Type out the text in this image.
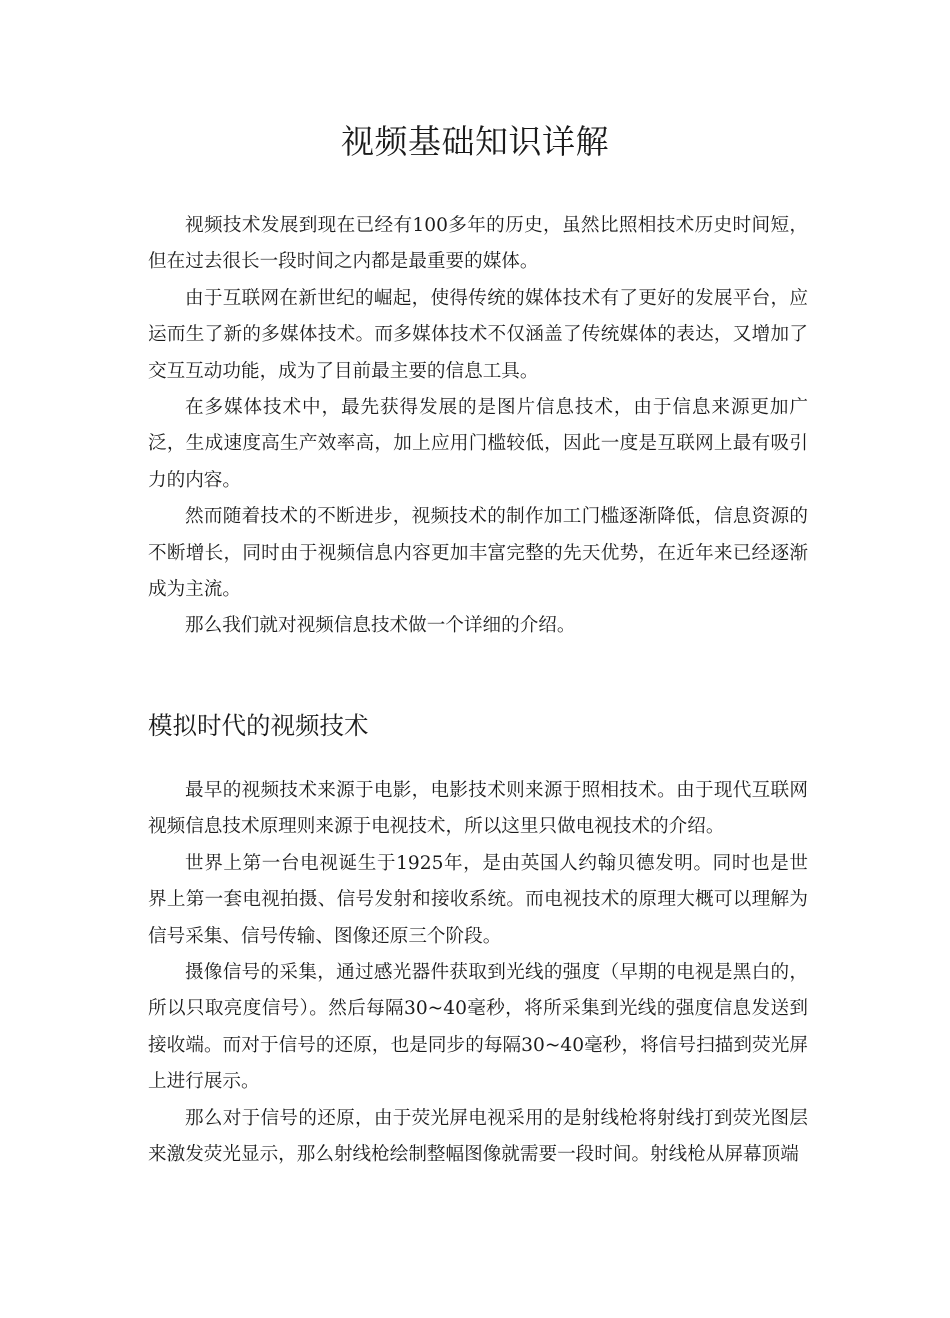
视频基础知识详解

视频技术发展到现在已经有100多年的历史，虽然比照相技术历史时间短，但在过去很长一段时间之内都是最重要的媒体。

由于互联网在新世纪的崛起，使得传统的媒体技术有了更好的发展平台，应运而生了新的多媒体技术。而多媒体技术不仅涵盖了传统媒体的表达，又增加了交互互动功能，成为了目前最主要的信息工具。

在多媒体技术中，最先获得发展的是图片信息技术，由于信息来源更加广泛，生成速度高生产效率高，加上应用门槛较低，因此一度是互联网上最有吸引力的内容。

然而随着技术的不断进步，视频技术的制作加工门槛逐渐降低，信息资源的不断增长，同时由于视频信息内容更加丰富完整的先天优势，在近年来已经逐渐成为主流。

那么我们就对视频信息技术做一个详细的介绍。

模拟时代的视频技术

最早的视频技术来源于电影，电影技术则来源于照相技术。由于现代互联网视频信息技术原理则来源于电视技术，所以这里只做电视技术的介绍。

世界上第一台电视诞生于1925年，是由英国人约翰贝德发明。同时也是世界上第一套电视拍摄、信号发射和接收系统。而电视技术的原理大概可以理解为信号采集、信号传输、图像还原三个阶段。

摄像信号的采集，通过感光器件获取到光线的强度（早期的电视是黑白的，所以只取亮度信号）。然后每隔30~40毫秒，将所采集到光线的强度信息发送到接收端。而对于信号的还原，也是同步的每隔30~40毫秒，将信号扫描到荧光屏上进行展示。

那么对于信号的还原，由于荧光屏电视采用的是射线枪将射线打到荧光图层来激发荧光显示，那么射线枪绘制整幅图像就需要一段时间。射线枪从屏幕顶端
